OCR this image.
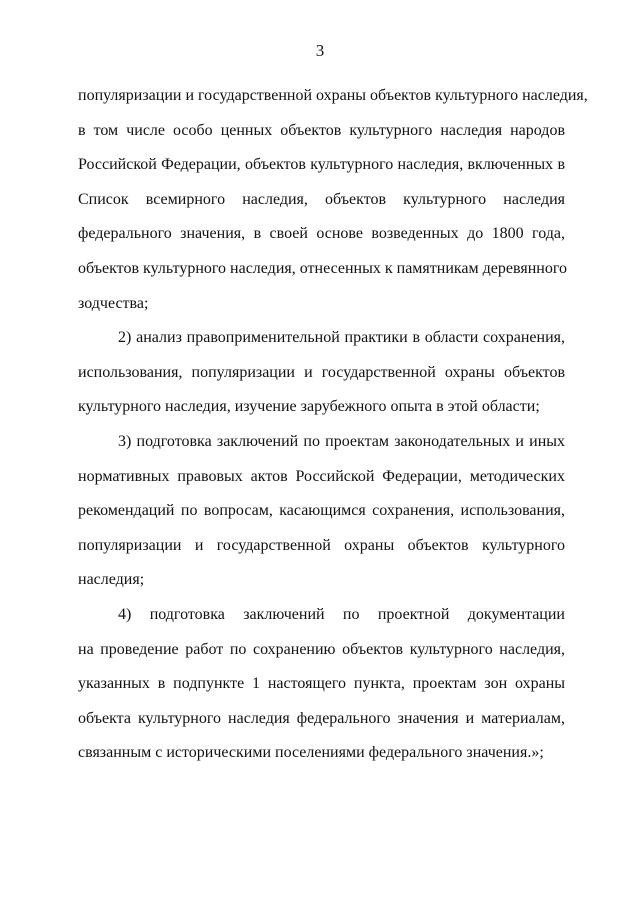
3
популяризации и государственной охраны объектов культурного наследия,
в том числе особо ценных объектов культурного наследия народов
Российской Федерации, объектов культурного наследия, включенных в
Список всемирного наследия, объектов культурного наследия
федерального значения, в своей основе возведенных до 1800 года,
объектов культурного наследия, отнесенных к памятникам деревянного
зодчества;
2) анализ правоприменительной практики в области сохранения,
использования, популяризации и государственной охраны объектов
культурного наследия, изучение зарубежного опыта в этой области;
3) подготовка заключений по проектам законодательных и иных
нормативных правовых актов Российской Федерации, методических
рекомендаций по вопросам, касающимся сохранения, использования,
популяризации и государственной охраны объектов культурного
наследия;
4) подготовка заключений по проектной документации
на проведение работ по сохранению объектов культурного наследия,
указанных в подпункте 1 настоящего пункта, проектам зон охраны
объекта культурного наследия федерального значения и материалам,
связанным с историческими поселениями федерального значения.»;
